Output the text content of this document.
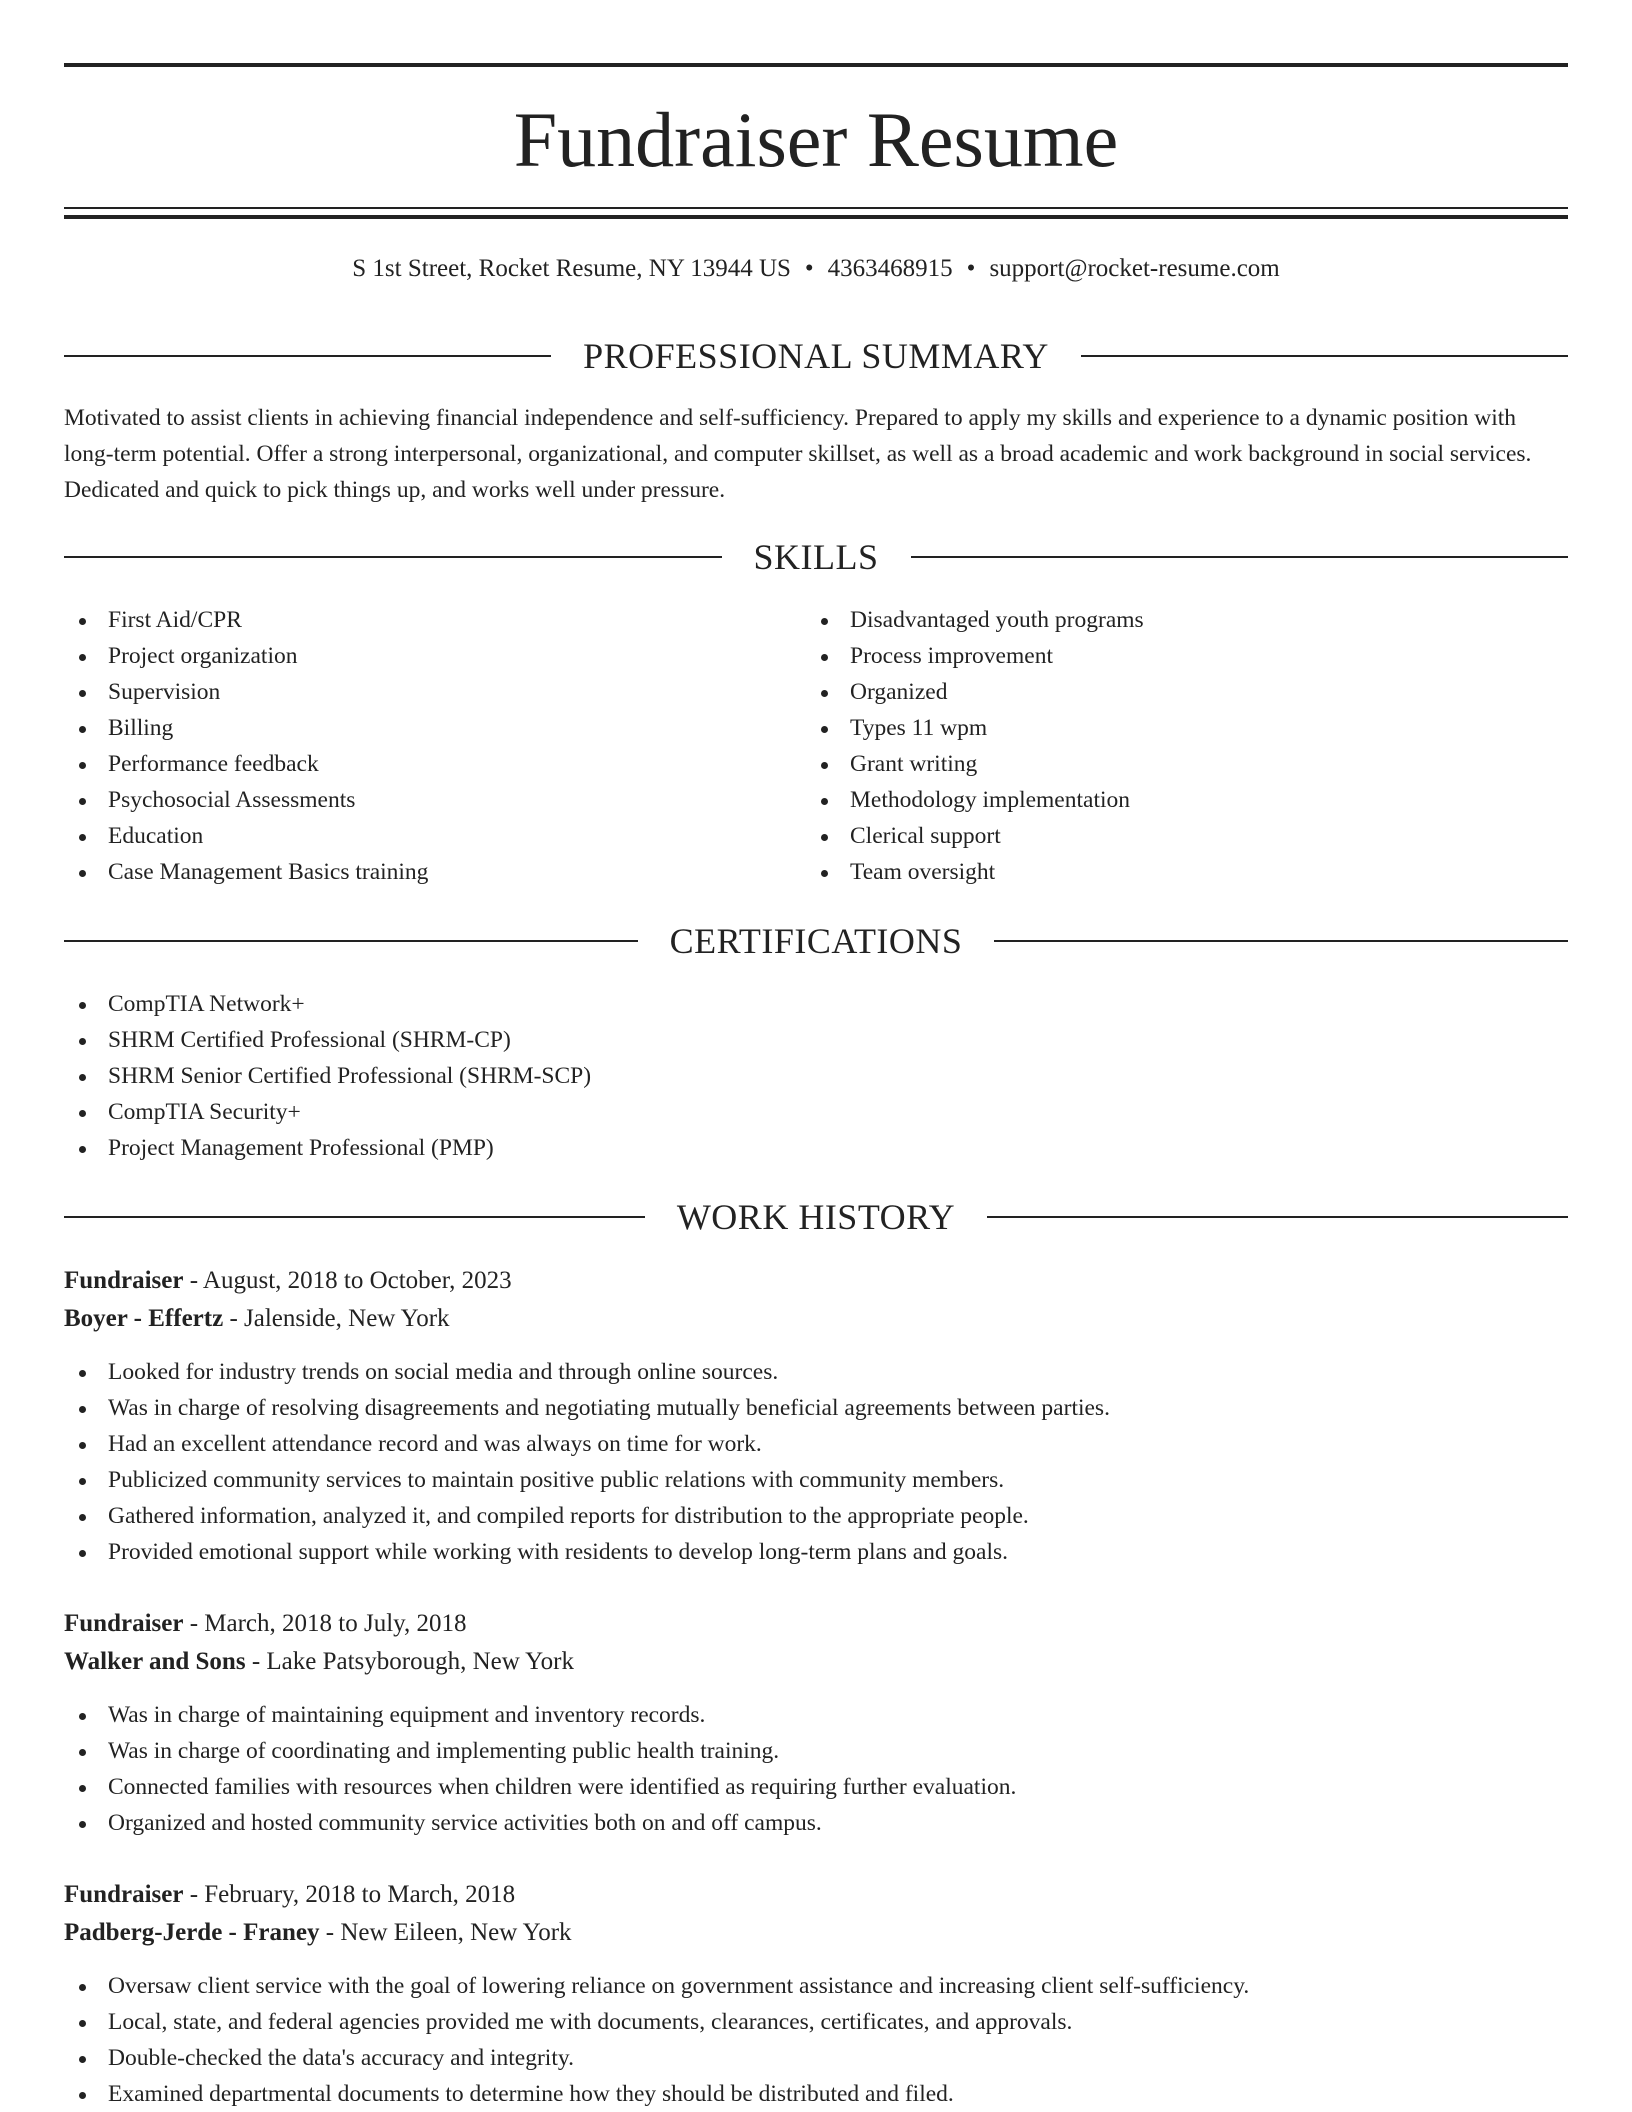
Fundraiser Resume
S 1st Street, Rocket Resume, NY 13944 US • 4363468915 • support@rocket-resume.com
PROFESSIONAL SUMMARY

Motivated to assist clients in achieving financial independence and self-sufficiency. Prepared to apply my skills and experience to a dynamic position with long-term potential. Offer a strong interpersonal, organizational, and computer skillset, as well as a broad academic and work background in social services. Dedicated and quick to pick things up, and works well under pressure.

SKILLS
First Aid/CPR
Project organization
Supervision
Billing
Performance feedback
Psychosocial Assessments
Education
Case Management Basics training
Disadvantaged youth programs
Process improvement
Organized
Types 11 wpm
Grant writing
Methodology implementation
Clerical support
Team oversight
CERTIFICATIONS
CompTIA Network+
SHRM Certified Professional (SHRM-CP)
SHRM Senior Certified Professional (SHRM-SCP)
CompTIA Security+
Project Management Professional (PMP)
WORK HISTORY
Fundraiser - August, 2018 to October, 2023
Boyer - Effertz - Jalenside, New York
Looked for industry trends on social media and through online sources.
Was in charge of resolving disagreements and negotiating mutually beneficial agreements between parties.
Had an excellent attendance record and was always on time for work.
Publicized community services to maintain positive public relations with community members.
Gathered information, analyzed it, and compiled reports for distribution to the appropriate people.
Provided emotional support while working with residents to develop long-term plans and goals.
Fundraiser - March, 2018 to July, 2018
Walker and Sons - Lake Patsyborough, New York
Was in charge of maintaining equipment and inventory records.
Was in charge of coordinating and implementing public health training.
Connected families with resources when children were identified as requiring further evaluation.
Organized and hosted community service activities both on and off campus.
Fundraiser - February, 2018 to March, 2018
Padberg-Jerde - Franey - New Eileen, New York
Oversaw client service with the goal of lowering reliance on government assistance and increasing client self-sufficiency.
Local, state, and federal agencies provided me with documents, clearances, certificates, and approvals.
Double-checked the data's accuracy and integrity.
Examined departmental documents to determine how they should be distributed and filed.
